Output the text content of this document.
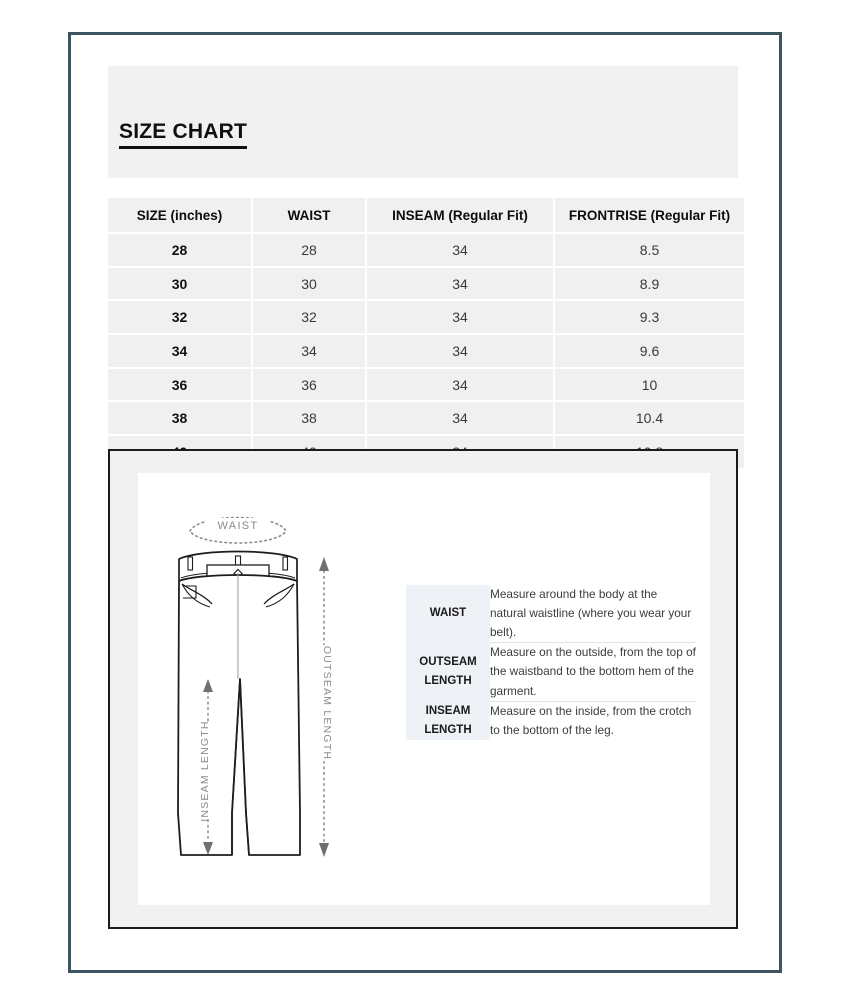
SIZE CHART
SIZE (inches)	WAIST	INSEAM (Regular Fit)	FRONTRISE (Regular Fit)
28	28	34	8.5
30	30	34	8.9
32	32	34	9.3
34	34	34	9.6
36	36	34	10
38	38	34	10.4

WAIST
INSEAM LENGTH
OUTSEAM LENGTH
WAIST	Measure around the body at the natural waistline (where you wear your belt).

OUTSEAM
LENGTH	Measure on the outside, from the top of the waistband to the bottom hem of the garment.

INSEAM
LENGTH	Measure on the inside, from the crotch to the bottom of the leg.
